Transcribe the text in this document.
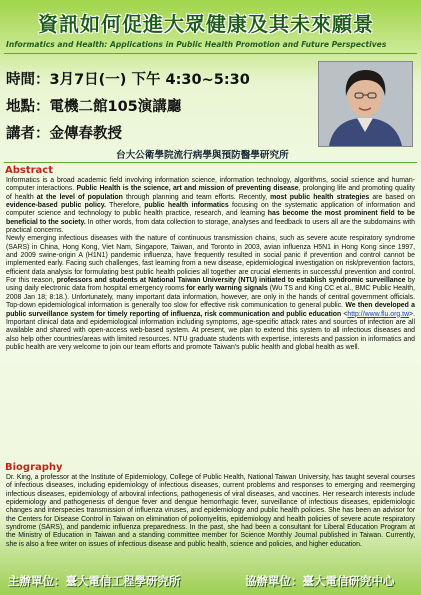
資訊如何促進大眾健康及其未來願景
Informatics and Health: Applications in Public Health Promotion and Future Perspectives
時間：3月7日(一) 下午 4:30~5:30
地點：電機二館105演講廳
講者：金傳春教授
台大公衛學院流行病學與預防醫學研究所
Abstract
Informatics is a broad academic field involving information science, information technology, algorithms, social science and human-computer interactions. Public Health is the science, art and mission of preventing disease, prolonging life and promoting quality of health at the level of population through planning and team efforts. Recently, most public health strategies are based on evidence-based public policy. Therefore, public health informatics focusing on the systematic application of information and computer science and technology to public health practice, research, and learning has become the most prominent field to be beneficial to the society. In other words, from data collection to storage, analyses and feedback to users all are the subdomains with practical concerns.
Newly emerging infectious diseases with the nature of continuous transmission chains, such as severe acute respiratory syndrome (SARS) in China, Hong Kong, Viet Nam, Singapore, Taiwan, and Toronto in 2003, avian influenza H5N1 in Hong Kong since 1997, and 2009 swine-origin A (H1N1) pandemic influenza, have frequently resulted in social panic if prevention and control cannot be implemented early. Facing such challenges, fast learning from a new disease, epidemiological investigation on risk/prevention factors, efficient data analysis for formulating best public health policies all together are crucial elements in successful prevention and control. For this reason, professors and students at National Taiwan University (NTU) initiated to establish syndromic surveillance by using daily electronic data from hospital emergency rooms for early warning signals (Wu TS and King CC et al., BMC Public Health, 2008 Jan 18; 8:18.). Unfortunately, many important data information, however, are only in the hands of central government officials. Top-down epidemiological information is generally too slow for effective risk communication to general public. We then developed a public surveillance system for timely reporting of influenza, risk communication and public education <http://www.flu.org.tw>. Important clinical data and epidemiological information including symptoms, age-specific attack rates and sources of infection are all available and shared with open-access web-based system. At present, we plan to extend this system to all infectious diseases and also help other countries/areas with limited resources. NTU graduate students with expertise, interests and passion in informatics and public health are very welcome to join our team efforts and promote Taiwan's public health and global health as well.
Biography
Dr. King, a professor at the Institute of Epidemiology, College of Public Health, National Taiwan University, has taught several courses of infectious diseases, including epidemiology of infectious diseases, current problems and responses to emerging and reemerging infectious diseases, epidemiology of arboviral infections, pathogenesis of viral diseases, and vaccines. Her research interests include epidemiology and pathogenesis of dengue fever and dengue hemorrhagic fever, surveillance of infectious diseases, epidemiologic changes and interspecies transmission of influenza viruses, and epidemiology and public health policies. She has been an advisor for the Centers for Disease Control in Taiwan on elimination of poliomyelitis, epidemiology and health policies of severe acute respiratory syndrome (SARS), and pandemic influenza preparedness. In the past, she had been a consultant for Liberal Education Program at the Ministry of Education in Taiwan and a standing committee member for Science Monthly Journal published in Taiwan. Currently, she is also a free writer on issues of infectious disease and public health, science and policies, and higher education.
主辦單位：臺大電信工程學研究所	協辦單位：臺大電信研究中心
